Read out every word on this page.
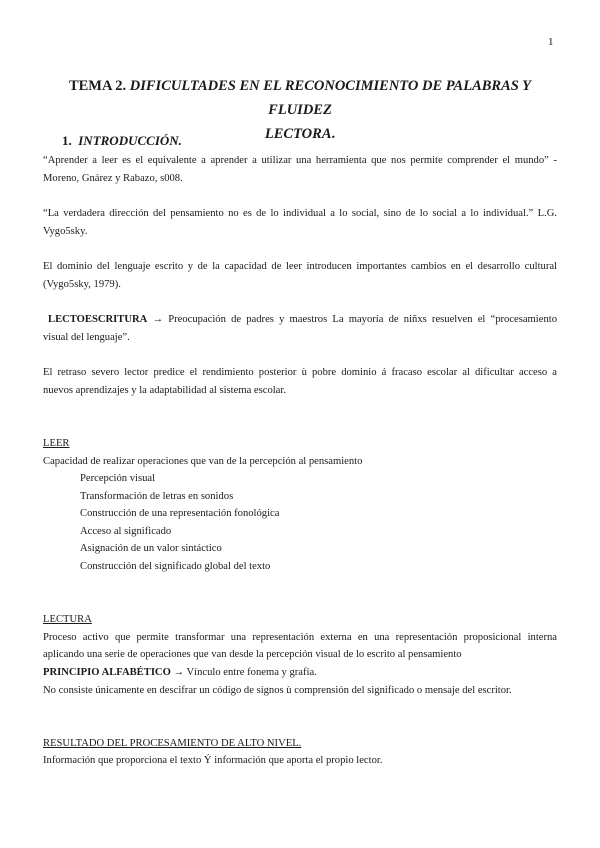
1
TEMA 2. DIFICULTADES EN EL RECONOCIMIENTO DE PALABRAS Y FLUIDEZ
LECTORA.
1. INTRODUCCIÓN.
“Aprender a leer es el equivalente a aprender a utilizar una herramienta que nos permite comprender el mundo” -
Moreno, Gnárez y Rabazo, s008.
“La verdadera dirección del pensamiento no es de lo individual a lo social, sino de lo social a lo individual.” L.G.
Vygo5sky.
El dominio del lenguaje escrito y de la capacidad de leer introducen importantes cambios en el desarrollo cultural
(Vygo5sky, 1979).
LECTOESCRITURA → Preocupación de padres y maestros La mayoría de niñxs resuelven el “procesamiento
visual del lenguaje”.
El retraso severo lector predice el rendimiento posterior ù pobre dominio á fracaso escolar al dificultar acceso a
nuevos aprendizajes y la adaptabilidad al sistema escolar.
LEER
Capacidad de realizar operaciones que van de la percepción al pensamiento
Percepción visual
Transformación de letras en sonidos
Construcción de una representación fonológica
Acceso al significado
Asignación de un valor sintáctico
Construcción del significado global del texto
LECTURA
Proceso activo que permite transformar una representación externa en una representación proposicional interna
aplicando una serie de operaciones que van desde la percepción visual de lo escrito al pensamiento
PRINCIPIO ALFABÉTICO → Vínculo entre fonema y grafía.
No consiste únicamente en descifrar un código de signos ù comprensión del significado o mensaje del escritor.
RESULTADO DEL PROCESAMIENTO DE ALTO NIVEL.
Información que proporciona el texto Ý información que aporta el propio lector.
